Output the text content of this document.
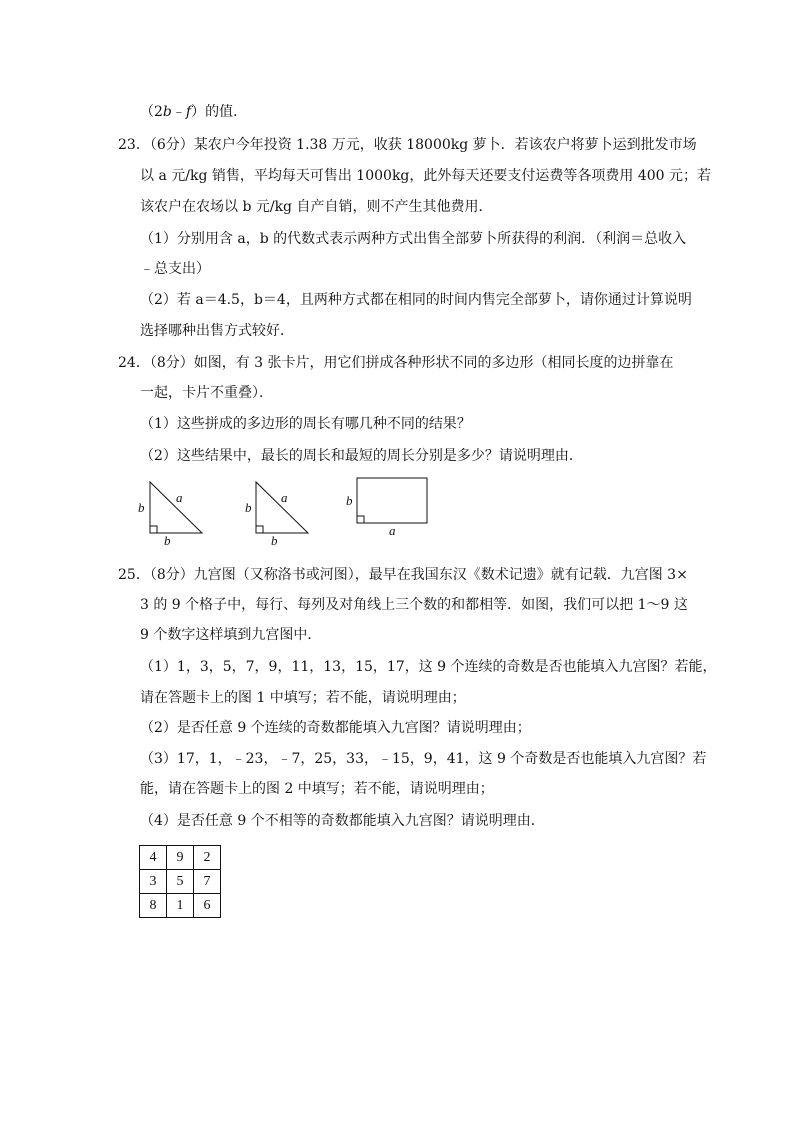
（2b﹣f）的值．
23．（6分）某农户今年投资 1.38 万元，收获 18000kg 萝卜．若该农户将萝卜运到批发市场
以 a 元/kg 销售，平均每天可售出 1000kg，此外每天还要支付运费等各项费用 400 元；若
该农户在农场以 b 元/kg 自产自销，则不产生其他费用．
（1）分别用含 a，b 的代数式表示两种方式出售全部萝卜所获得的利润．（利润＝总收入
﹣总支出）
（2）若 a＝4.5，b＝4，且两种方式都在相同的时间内售完全部萝卜，请你通过计算说明
选择哪种出售方式较好．
24．（8分）如图，有 3 张卡片，用它们拼成各种形状不同的多边形（相同长度的边拼靠在
一起，卡片不重叠）．
（1）这些拼成的多边形的周长有哪几种不同的结果？
（2）这些结果中，最长的周长和最短的周长分别是多少？请说明理由．
b
a
b
b
a
b
b
a
25．（8分）九宫图（又称洛书或河图），最早在我国东汉《数术记遗》就有记载．九宫图 3×
3 的 9 个格子中，每行、每列及对角线上三个数的和都相等．如图，我们可以把 1～9 这
9 个数字这样填到九宫图中．
（1）1，3，5，7，9，11，13，15，17，这 9 个连续的奇数是否也能填入九宫图？若能，
请在答题卡上的图 1 中填写；若不能，请说明理由；
（2）是否任意 9 个连续的奇数都能填入九宫图？请说明理由；
（3）17，1，﹣23，﹣7，25，33，﹣15，9，41，这 9 个奇数是否也能填入九宫图？若
能，请在答题卡上的图 2 中填写；若不能，请说明理由；
（4）是否任意 9 个不相等的奇数都能填入九宫图？请说明理由．
4	9	2
3	5	7
8	1	6
